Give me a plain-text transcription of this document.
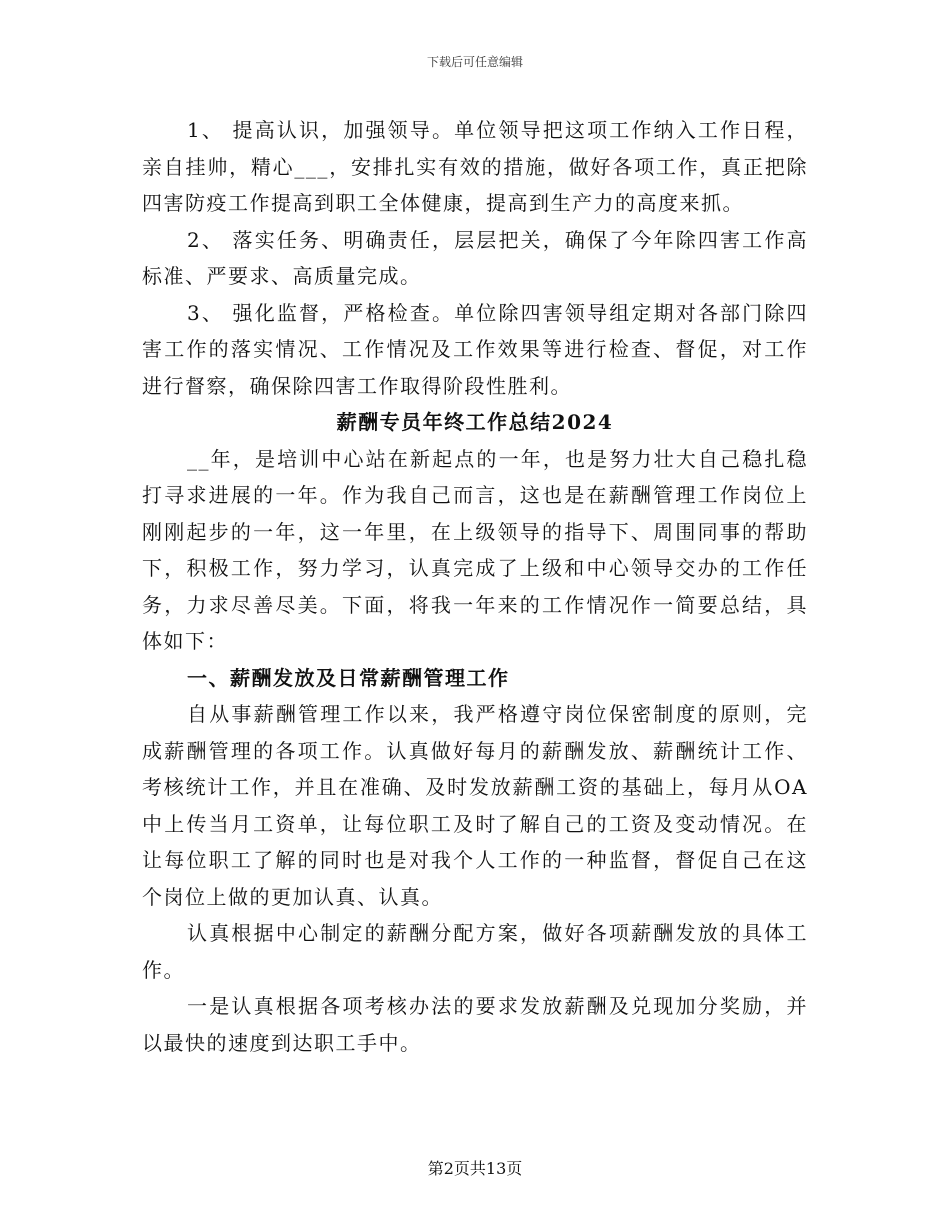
下载后可任意编辑

1、 提高认识，加强领导。单位领导把这项工作纳入工作日程，亲自挂帅，精心___，安排扎实有效的措施，做好各项工作，真正把除四害防疫工作提高到职工全体健康，提高到生产力的高度来抓。

2、 落实任务、明确责任，层层把关，确保了今年除四害工作高标准、严要求、高质量完成。

3、 强化监督，严格检查。单位除四害领导组定期对各部门除四害工作的落实情况、工作情况及工作效果等进行检查、督促，对工作进行督察，确保除四害工作取得阶段性胜利。

薪酬专员年终工作总结2024

__年，是培训中心站在新起点的一年，也是努力壮大自己稳扎稳打寻求进展的一年。作为我自己而言，这也是在薪酬管理工作岗位上刚刚起步的一年，这一年里，在上级领导的指导下、周围同事的帮助下，积极工作，努力学习，认真完成了上级和中心领导交办的工作任务，力求尽善尽美。下面，将我一年来的工作情况作一简要总结，具体如下：

一、薪酬发放及日常薪酬管理工作

自从事薪酬管理工作以来，我严格遵守岗位保密制度的原则，完成薪酬管理的各项工作。认真做好每月的薪酬发放、薪酬统计工作、考核统计工作，并且在准确、及时发放薪酬工资的基础上，每月从OA中上传当月工资单，让每位职工及时了解自己的工资及变动情况。在让每位职工了解的同时也是对我个人工作的一种监督，督促自己在这个岗位上做的更加认真、认真。

认真根据中心制定的薪酬分配方案，做好各项薪酬发放的具体工作。

一是认真根据各项考核办法的要求发放薪酬及兑现加分奖励，并以最快的速度到达职工手中。

第2页共13页
